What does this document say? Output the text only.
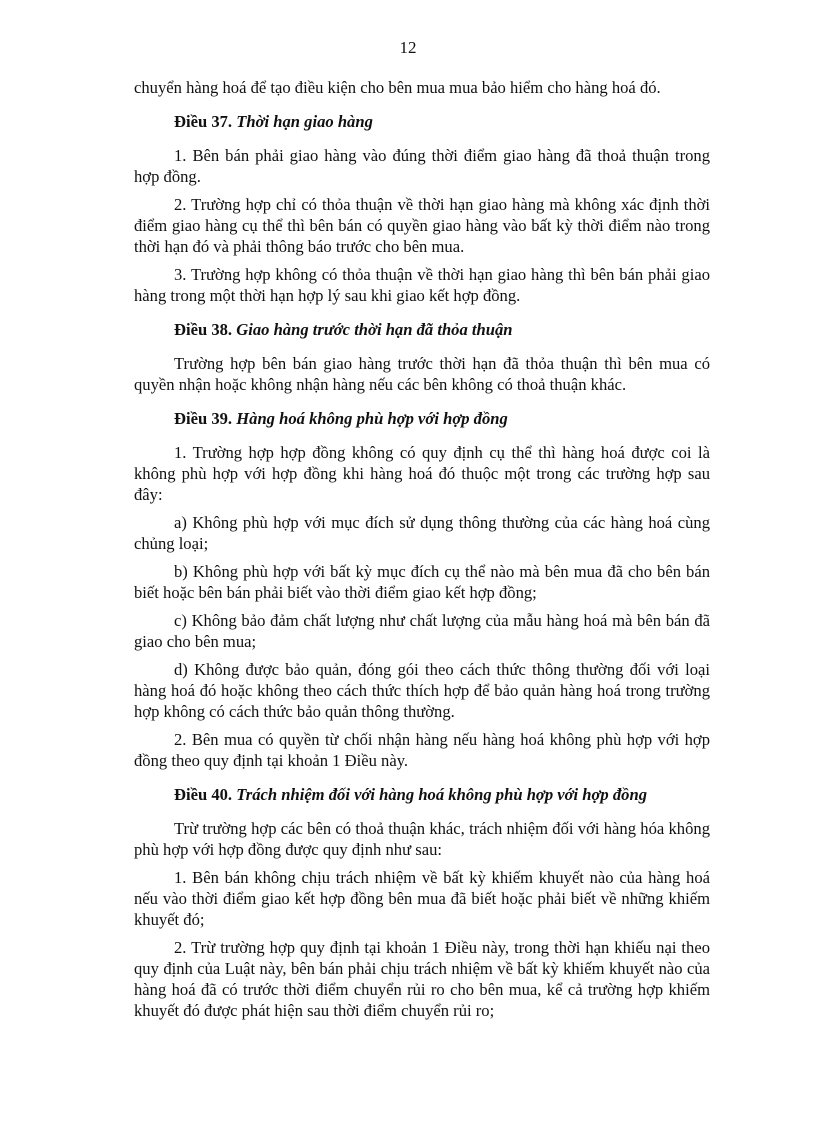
12

chuyển hàng hoá để tạo điều kiện cho bên mua mua bảo hiểm cho hàng hoá đó.

Điều 37. Thời hạn giao hàng

1. Bên bán phải giao hàng vào đúng thời điểm giao hàng đã thoả thuận trong hợp đồng.

2. Trường hợp chỉ có thỏa thuận về thời hạn giao hàng mà không xác định thời điểm giao hàng cụ thể thì bên bán có quyền giao hàng vào bất kỳ thời điểm nào trong thời hạn đó và phải thông báo trước cho bên mua.

3. Trường hợp không có thỏa thuận về thời hạn giao hàng thì bên bán phải giao hàng trong một thời hạn hợp lý sau khi giao kết hợp đồng.

Điều 38. Giao hàng trước thời hạn đã thỏa thuận

Trường hợp bên bán giao hàng trước thời hạn đã thỏa thuận thì bên mua có quyền nhận hoặc không nhận hàng nếu các bên không có thoả thuận khác.

Điều 39. Hàng hoá không phù hợp với hợp đồng

1. Trường hợp hợp đồng không có quy định cụ thể thì hàng hoá được coi là không phù hợp với hợp đồng khi hàng hoá đó thuộc một trong các trường hợp sau đây:

a) Không phù hợp với mục đích sử dụng thông thường của các hàng hoá cùng chủng loại;

b) Không phù hợp với bất kỳ mục đích cụ thể nào mà bên mua đã cho bên bán biết hoặc bên bán phải biết vào thời điểm giao kết hợp đồng;

c) Không bảo đảm chất lượng như chất lượng của mẫu hàng hoá mà bên bán đã giao cho bên mua;

d) Không được bảo quản, đóng gói theo cách thức thông thường đối với loại hàng hoá đó hoặc không theo cách thức thích hợp để bảo quản hàng hoá trong trường hợp không có cách thức bảo quản thông thường.

2. Bên mua có quyền từ chối nhận hàng nếu hàng hoá không phù hợp với hợp đồng theo quy định tại khoản 1 Điều này.

Điều 40. Trách nhiệm đối với hàng hoá không phù hợp với hợp đồng

Trừ trường hợp các bên có thoả thuận khác, trách nhiệm đối với hàng hóa không phù hợp với hợp đồng được quy định như sau:

1. Bên bán không chịu trách nhiệm về bất kỳ khiếm khuyết nào của hàng hoá nếu vào thời điểm giao kết hợp đồng bên mua đã biết hoặc phải biết về những khiếm khuyết đó;

2. Trừ trường hợp quy định tại khoản 1 Điều này, trong thời hạn khiếu nại theo quy định của Luật này, bên bán phải chịu trách nhiệm về bất kỳ khiếm khuyết nào của hàng hoá đã có trước thời điểm chuyển rủi ro cho bên mua, kể cả trường hợp khiếm khuyết đó được phát hiện sau thời điểm chuyển rủi ro;
